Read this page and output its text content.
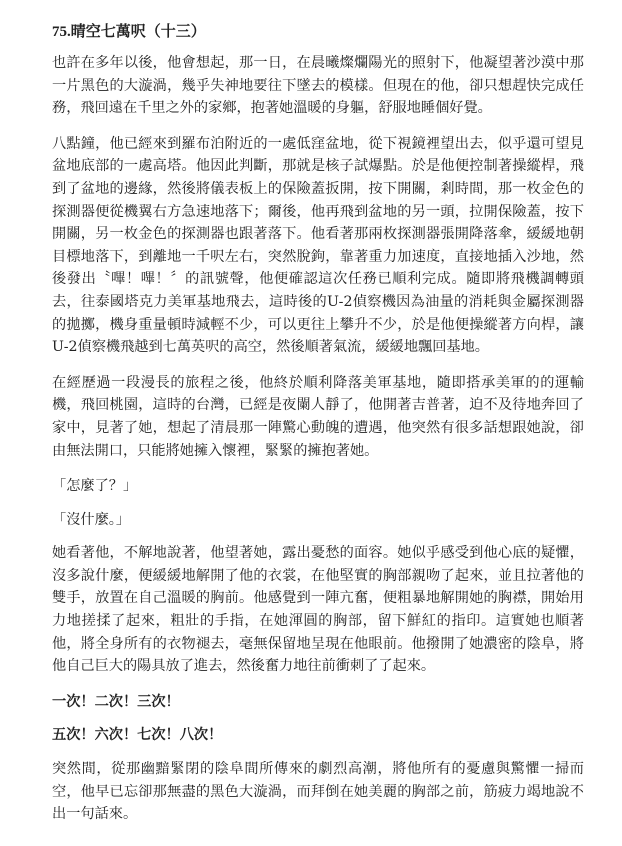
75.晴空七萬呎（十三）

也許在多年以後，他會想起，那一日，在晨曦燦爛陽光的照射下，他凝望著沙漠中那一片黑色的大漩渦，幾乎失神地要往下墜去的模樣。但現在的他，卻只想趕快完成任務，飛回遠在千里之外的家鄉，抱著她溫暖的身軀，舒服地睡個好覺。

八點鐘，他已經來到羅布泊附近的一處低窪盆地，從下視鏡裡望出去，似乎還可望見盆地底部的一處高塔。他因此判斷，那就是核子試爆點。於是他便控制著操縱桿，飛到了盆地的邊緣，然後將儀表板上的保險蓋扳開，按下開關，剎時間，那一枚金色的探測器便從機翼右方急速地落下；爾後，他再飛到盆地的另一頭，拉開保險蓋，按下開關，另一枚金色的探測器也跟著落下。他看著那兩枚探測器張開降落傘，緩緩地朝目標地落下，到離地一千呎左右，突然脫鉤，靠著重力加速度，直接地插入沙地，然後發出〝嗶！嗶！〞的訊號聲，他便確認這次任務已順利完成。隨即將飛機調轉頭去，往泰國塔克力美軍基地飛去，這時後的U-2偵察機因為油量的消耗與金屬探測器的拋擲，機身重量頓時減輕不少，可以更往上攀升不少，於是他便操縱著方向桿，讓U-2偵察機飛越到七萬英呎的高空，然後順著氣流，緩緩地飄回基地。

在經歷過一段漫長的旅程之後，他終於順利降落美軍基地，隨即搭承美軍的的運輸機，飛回桃園，這時的台灣，已經是夜闌人靜了，他開著吉普著，迫不及待地奔回了家中，見著了她，想起了清晨那一陣驚心動魄的遭遇，他突然有很多話想跟她說，卻由無法開口，只能將她擁入懷裡，緊緊的擁抱著她。

「怎麼了？」
「沒什麼。」

她看著他，不解地說著，他望著她，露出憂愁的面容。她似乎感受到他心底的疑懼，沒多說什麼，便緩緩地解開了他的衣裳，在他堅實的胸部親吻了起來，並且拉著他的雙手，放置在自己溫暖的胸前。他感覺到一陣亢奮，便粗暴地解開她的胸襟，開始用力地搓揉了起來，粗壯的手指，在她渾圓的胸部，留下鮮紅的指印。這實她也順著他，將全身所有的衣物褪去，毫無保留地呈現在他眼前。他撥開了她濃密的陰阜，將他自己巨大的陽具放了進去，然後奮力地往前衝刺了了起來。

一次！二次！三次！
五次！六次！七次！八次！

突然間，從那幽黯緊閉的陰阜間所傳來的劇烈高潮，將他所有的憂慮與驚懼一掃而空，他早已忘卻那無盡的黑色大漩渦，而拜倒在她美麗的胸部之前，筋疲力竭地說不出一句話來。
